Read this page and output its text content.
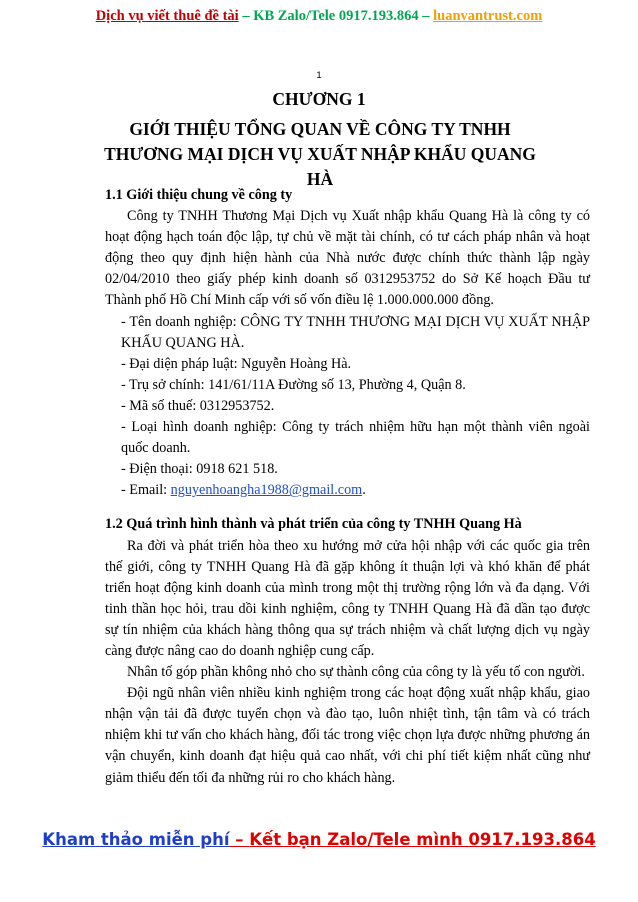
Dịch vụ viết thuê đề tài – KB Zalo/Tele 0917.193.864 – luanvantrust.com
1
CHƯƠNG 1
GIỚI THIỆU TỔNG QUAN VỀ CÔNG TY TNHH THƯƠNG MẠI DỊCH VỤ XUẤT NHẬP KHẨU QUANG HÀ

1.1 Giới thiệu chung về công ty

Công ty TNHH Thương Mại Dịch vụ Xuất nhập khẩu Quang Hà là công ty có hoạt động hạch toán độc lập, tự chủ về mặt tài chính, có tư cách pháp nhân và hoạt động theo quy định hiện hành của Nhà nước được chính thức thành lập ngày 02/04/2010 theo giấy phép kinh doanh số 0312953752 do Sở Kế hoạch Đầu tư Thành phố Hồ Chí Minh cấp với số vốn điều lệ 1.000.000.000 đồng.

- Tên doanh nghiệp: CÔNG TY TNHH THƯƠNG MẠI DỊCH VỤ XUẤT NHẬP KHẨU QUANG HÀ.

- Đại diện pháp luật: Nguyễn Hoàng Hà.

- Trụ sở chính: 141/61/11A Đường số 13, Phường 4, Quận 8.

- Mã số thuế: 0312953752.

- Loại hình doanh nghiệp: Công ty trách nhiệm hữu hạn một thành viên ngoài quốc doanh.

- Điện thoại: 0918 621 518.

- Email: nguyenhoangha1988@gmail.com.

1.2 Quá trình hình thành và phát triển của công ty TNHH Quang Hà

Ra đời và phát triển hòa theo xu hướng mở cửa hội nhập với các quốc gia trên thế giới, công ty TNHH Quang Hà đã gặp không ít thuận lợi và khó khăn để phát triển hoạt động kinh doanh của mình trong một thị trường rộng lớn và đa dạng. Với tinh thần học hỏi, trau dồi kinh nghiệm, công ty TNHH Quang Hà đã dần tạo được sự tín nhiệm của khách hàng thông qua sự trách nhiệm và chất lượng dịch vụ ngày càng được nâng cao do doanh nghiệp cung cấp.

Nhân tố góp phần không nhỏ cho sự thành công của công ty là yếu tố con người.

Đội ngũ nhân viên nhiều kinh nghiệm trong các hoạt động xuất nhập khẩu, giao nhận vận tải đã được tuyển chọn và đào tạo, luôn nhiệt tình, tận tâm và có trách nhiệm khi tư vấn cho khách hàng, đối tác trong việc chọn lựa được những phương án vận chuyển, kinh doanh đạt hiệu quả cao nhất, với chi phí tiết kiệm nhất cũng như giảm thiểu đến tối đa những rủi ro cho khách hàng.

Kham thảo miễn phí – Kết bạn Zalo/Tele mình 0917.193.864
